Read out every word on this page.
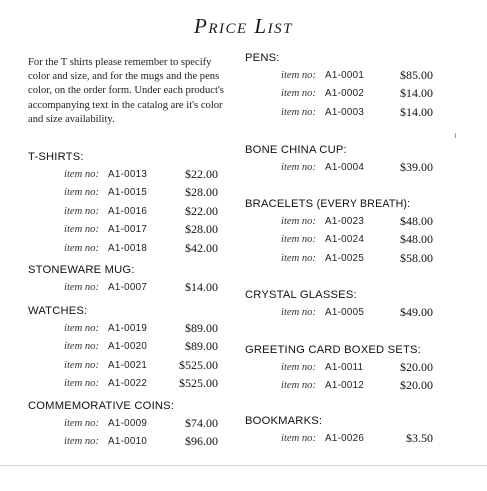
Price List
For the T shirts please remember to specify color and size, and for the mugs and the pens color, on the order form. Under each product's accompanying text in the catalog are it's color and size availability.
T-SHIRTS:
item no: A1-0013	$22.00
item no: A1-0015	$28.00
item no: A1-0016	$22.00
item no: A1-0017	$28.00
item no: A1-0018	$42.00
STONEWARE MUG:
item no: A1-0007	$14.00
WATCHES:
item no: A1-0019	$89.00
item no: A1-0020	$89.00
item no: A1-0021	$525.00
item no: A1-0022	$525.00
COMMEMORATIVE COINS:
item no: A1-0009	$74.00
item no: A1-0010	$96.00
PENS:
item no: A1-0001	$85.00
item no: A1-0002	$14.00
item no: A1-0003	$14.00
BONE CHINA CUP:
item no: A1-0004	$39.00
BRACELETS (EVERY BREATH):
item no: A1-0023	$48.00
item no: A1-0024	$48.00
item no: A1-0025	$58.00
CRYSTAL GLASSES:
item no: A1-0005	$49.00
GREETING CARD BOXED SETS:
item no: A1-0011	$20.00
item no: A1-0012	$20.00
BOOKMARKS:
item no: A1-0026	$3.50
